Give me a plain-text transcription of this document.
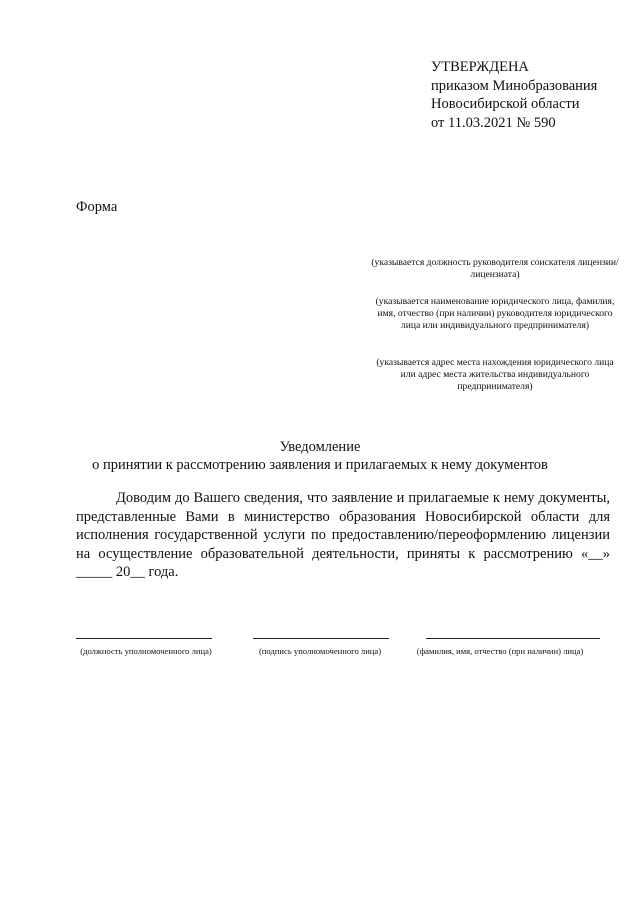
УТВЕРЖДЕНА
приказом Минобразования
Новосибирской области
от 11.03.2021 № 590
Форма
(указывается должность руководителя соискателя лицензии/лицензиата)
(указывается наименование юридического лица, фамилия, имя, отчество (при наличии) руководителя юридического лица или индивидуального предпринимателя)
(указывается адрес места нахождения юридического лица или адрес места жительства индивидуального предпринимателя)
Уведомление
о принятии к рассмотрению заявления и прилагаемых к нему документов
Доводим до Вашего сведения, что заявление и прилагаемые к нему документы, представленные Вами в министерство образования Новосибирской области для исполнения государственной услуги по предоставлению/переоформлению лицензии на осуществление образовательной деятельности, приняты к рассмотрению «__» _____ 20__ года.
(должность уполномоченного лица)	(подпись уполномоченного лица)	(фамилия, имя, отчество (при наличии) лица)
